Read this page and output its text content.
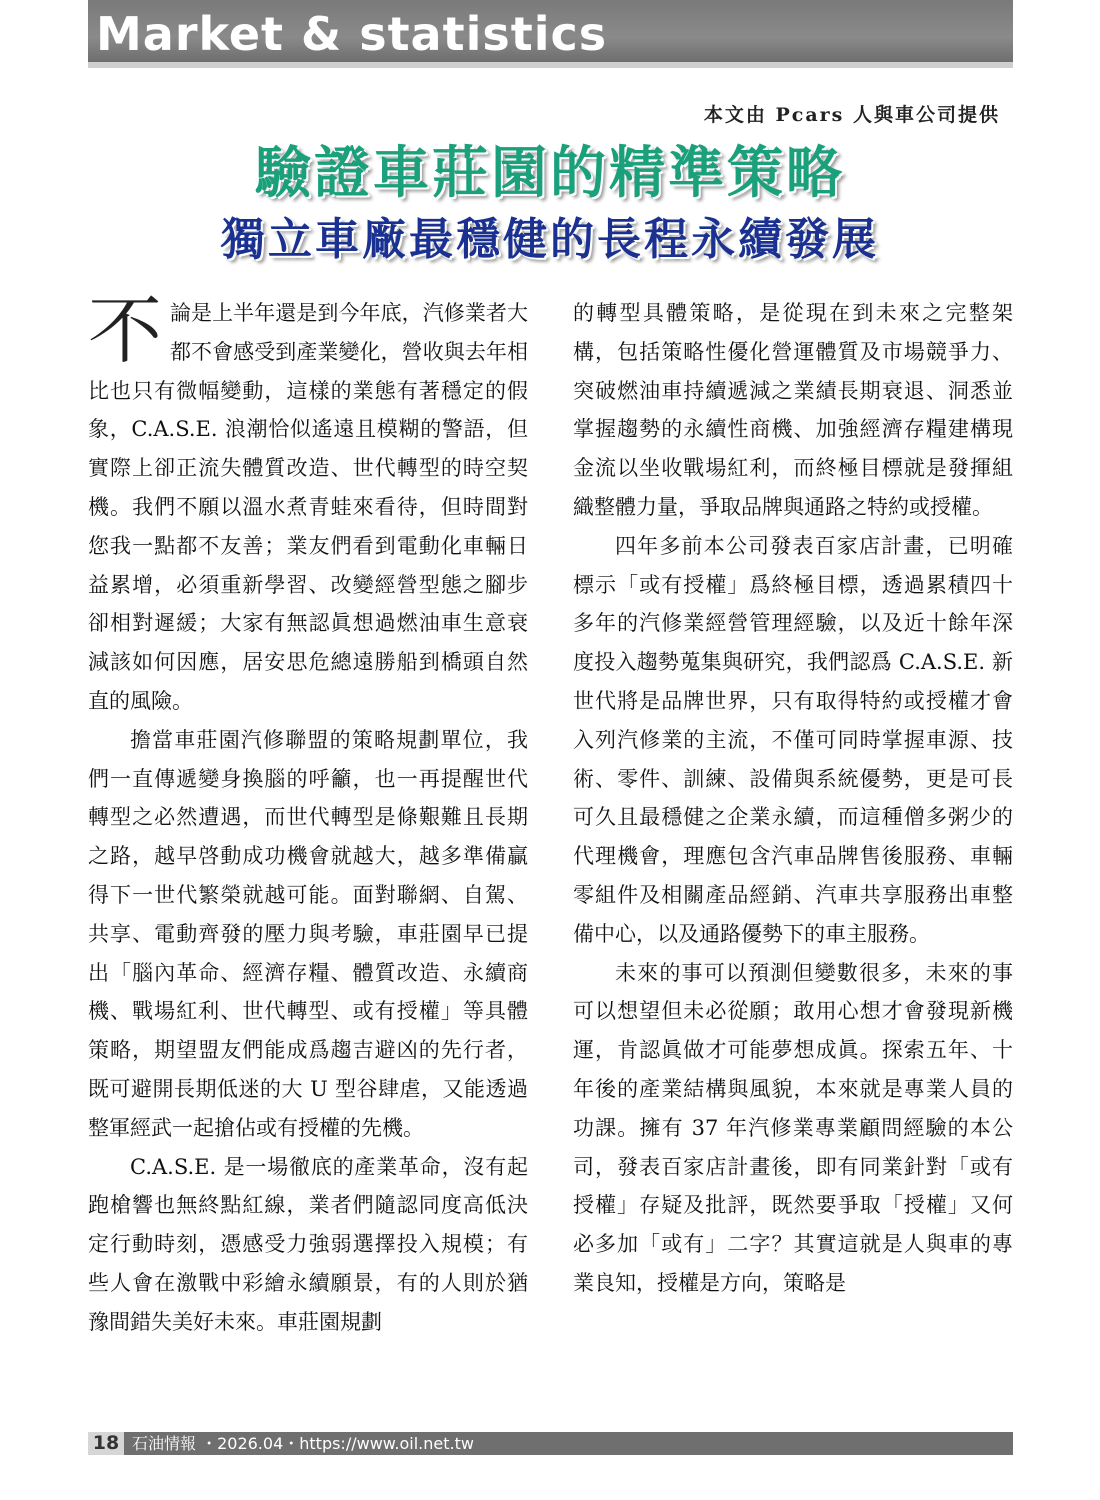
Market & statistics
本文由 Pcars 人與車公司提供
驗證車莊園的精準策略
獨立車廠最穩健的長程永續發展
不 論是上半年還是到今年底，汽修業者大都不會感受到產業變化，營收與去年相比也只有微幅變動，這樣的業態有著穩定的假象，C.A.S.E. 浪潮恰似遙遠且模糊的警語，但實際上卻正流失體質改造、世代轉型的時空契機。我們不願以溫水煮青蛙來看待，但時間對您我一點都不友善；業友們看到電動化車輛日益累增，必須重新學習、改變經營型態之腳步卻相對遲緩；大家有無認眞想過燃油車生意衰減該如何因應，居安思危總遠勝船到橋頭自然直的風險。

擔當車莊園汽修聯盟的策略規劃單位，我們一直傳遞變身換腦的呼籲，也一再提醒世代轉型之必然遭遇，而世代轉型是條艱難且長期之路，越早啓動成功機會就越大，越多準備贏得下一世代繁榮就越可能。面對聯網、自駕、共享、電動齊發的壓力與考驗，車莊園早已提出「腦內革命、經濟存糧、體質改造、永續商機、戰場紅利、世代轉型、或有授權」等具體策略，期望盟友們能成爲趨吉避凶的先行者，既可避開長期低迷的大 U 型谷肆虐，又能透過整軍經武一起搶佔或有授權的先機。

C.A.S.E. 是一場徹底的產業革命，沒有起跑槍響也無終點紅線，業者們隨認同度高低決定行動時刻，憑感受力強弱選擇投入規模；有些人會在激戰中彩繪永續願景，有的人則於猶豫間錯失美好未來。車莊園規劃

的轉型具體策略，是從現在到未來之完整架構，包括策略性優化營運體質及市場競爭力、突破燃油車持續遞減之業績長期衰退、洞悉並掌握趨勢的永續性商機、加強經濟存糧建構現金流以坐收戰場紅利，而終極目標就是發揮組織整體力量，爭取品牌與通路之特約或授權。

四年多前本公司發表百家店計畫，已明確標示「或有授權」爲終極目標，透過累積四十多年的汽修業經營管理經驗，以及近十餘年深度投入趨勢蒐集與研究，我們認爲 C.A.S.E. 新世代將是品牌世界，只有取得特約或授權才會入列汽修業的主流，不僅可同時掌握車源、技術、零件、訓練、設備與系統優勢，更是可長可久且最穩健之企業永續，而這種僧多粥少的代理機會，理應包含汽車品牌售後服務、車輛零組件及相關產品經銷、汽車共享服務出車整備中心，以及通路優勢下的車主服務。

未來的事可以預測但變數很多，未來的事可以想望但未必從願；敢用心想才會發現新機運，肯認眞做才可能夢想成眞。探索五年、十年後的產業結構與風貌，本來就是專業人員的功課。擁有 37 年汽修業專業顧問經驗的本公司，發表百家店計畫後，即有同業針對「或有授權」存疑及批評，既然要爭取「授權」又何必多加「或有」二字？其實這就是人與車的專業良知，授權是方向，策略是

18 石油情報 ・2026.04・https://www.oil.net.tw
